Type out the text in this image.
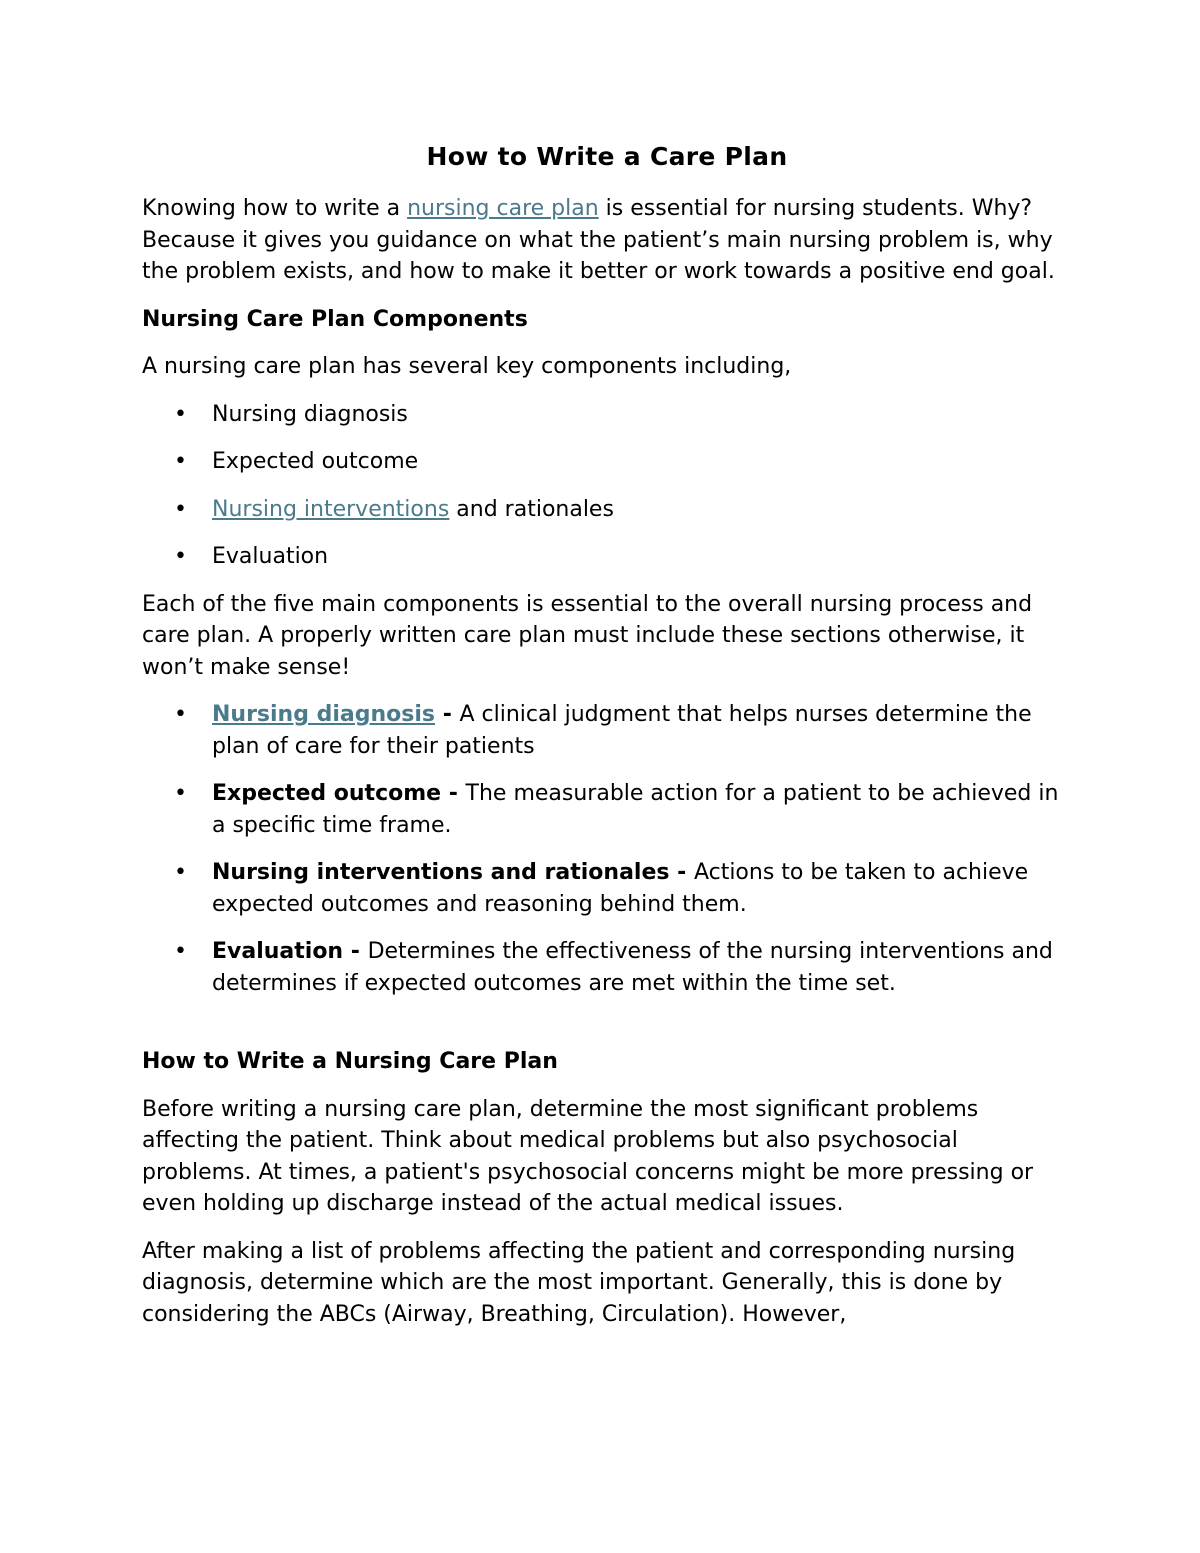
How to Write a Care Plan

Knowing how to write a nursing care plan is essential for nursing students. Why? Because it gives you guidance on what the patient’s main nursing problem is, why the problem exists, and how to make it better or work towards a positive end goal.

Nursing Care Plan Components

A nursing care plan has several key components including,

• Nursing diagnosis
• Expected outcome
• Nursing interventions and rationales
• Evaluation

Each of the five main components is essential to the overall nursing process and care plan. A properly written care plan must include these sections otherwise, it won’t make sense!

• Nursing diagnosis - A clinical judgment that helps nurses determine the plan of care for their patients
• Expected outcome - The measurable action for a patient to be achieved in a specific time frame.
• Nursing interventions and rationales - Actions to be taken to achieve expected outcomes and reasoning behind them.
• Evaluation - Determines the effectiveness of the nursing interventions and determines if expected outcomes are met within the time set.
How to Write a Nursing Care Plan

Before writing a nursing care plan, determine the most significant problems affecting the patient. Think about medical problems but also psychosocial problems. At times, a patient's psychosocial concerns might be more pressing or even holding up discharge instead of the actual medical issues.

After making a list of problems affecting the patient and corresponding nursing diagnosis, determine which are the most important. Generally, this is done by considering the ABCs (Airway, Breathing, Circulation). However,
